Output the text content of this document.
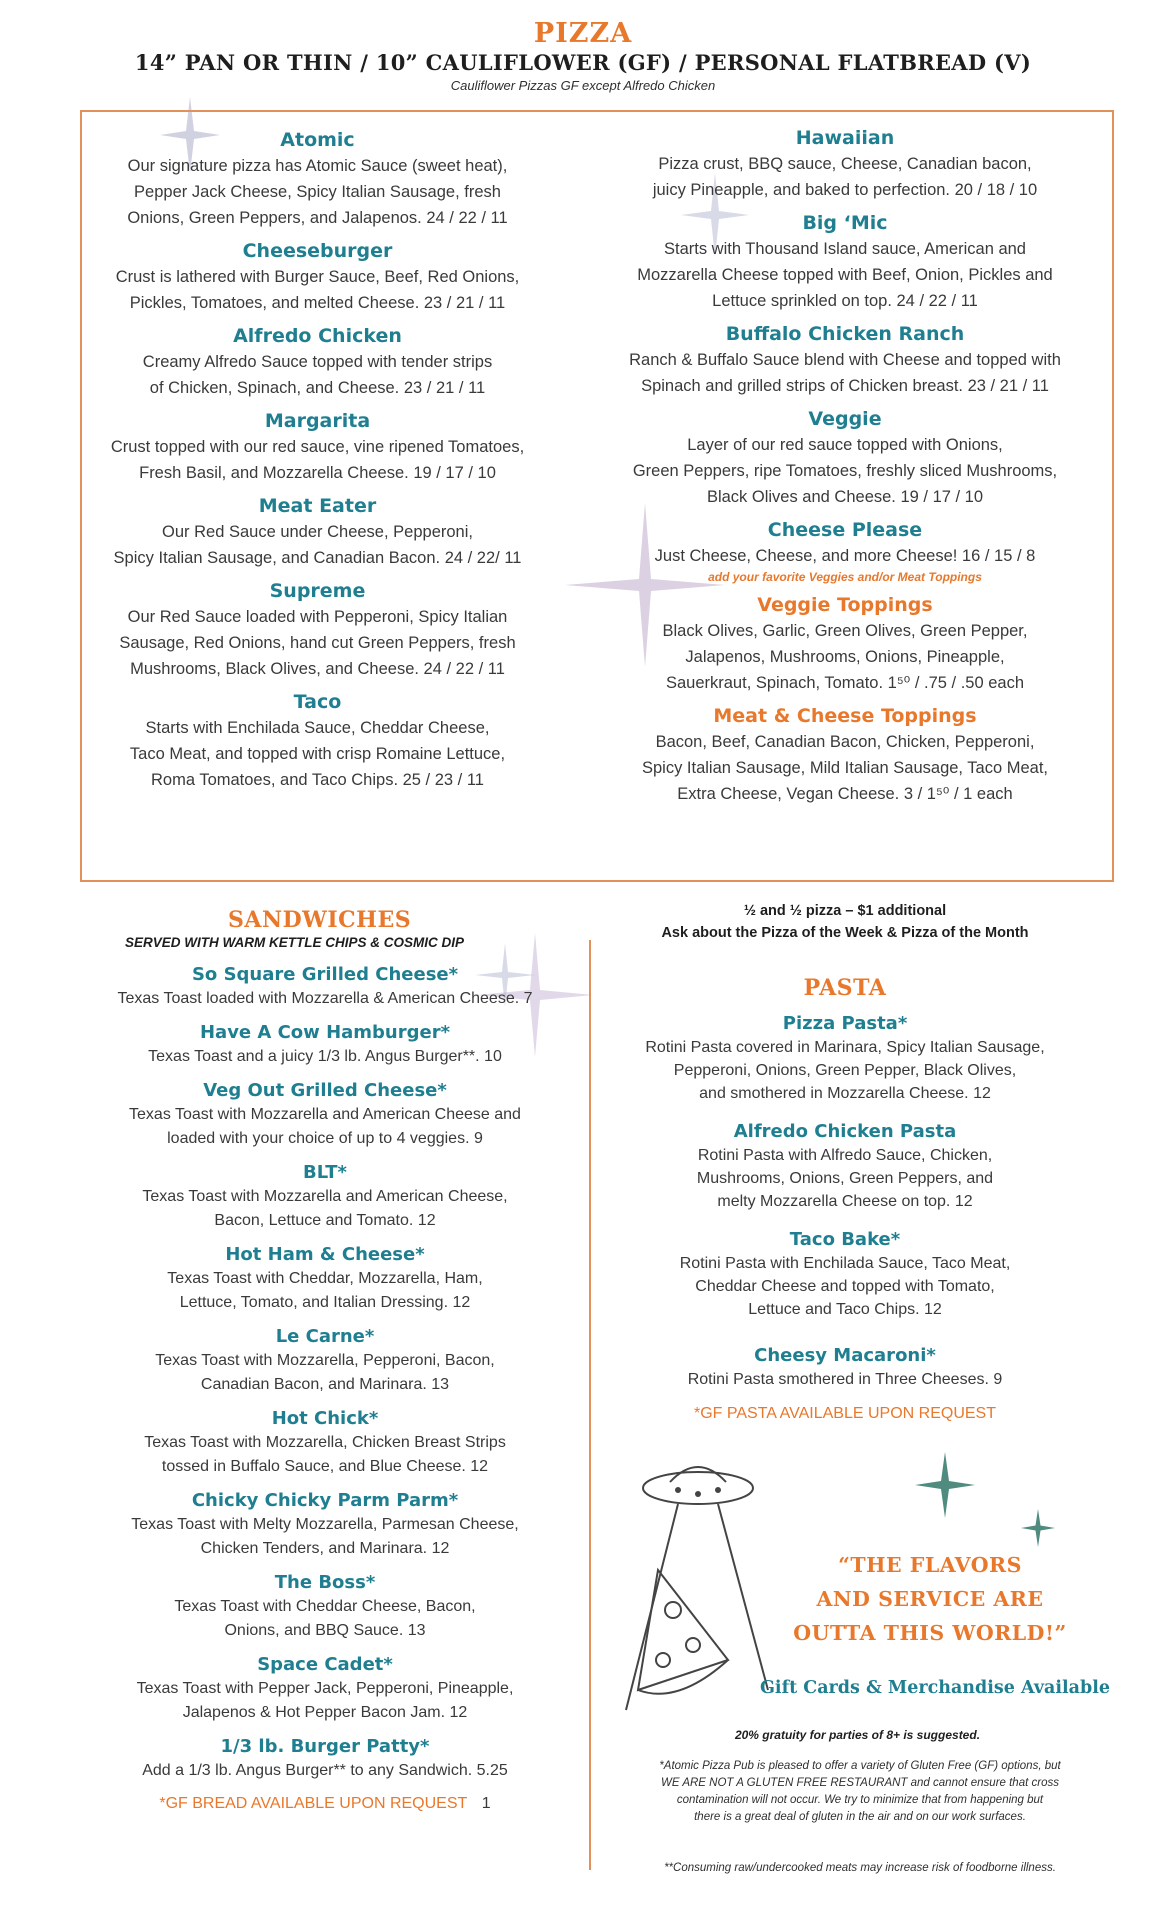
PIZZA
14” PAN OR THIN / 10” CAULIFLOWER (GF) / PERSONAL FLATBREAD (V)
Cauliflower Pizzas GF except Alfredo Chicken
Atomic
Our signature pizza has Atomic Sauce (sweet heat),
Pepper Jack Cheese, Spicy Italian Sausage, fresh
Onions, Green Peppers, and Jalapenos. 24 / 22 / 11
Cheeseburger
Crust is lathered with Burger Sauce, Beef, Red Onions,
Pickles, Tomatoes, and melted Cheese. 23 / 21 / 11
Alfredo Chicken
Creamy Alfredo Sauce topped with tender strips
of Chicken, Spinach, and Cheese. 23 / 21 / 11
Margarita
Crust topped with our red sauce, vine ripened Tomatoes,
Fresh Basil, and Mozzarella Cheese. 19 / 17 / 10
Meat Eater
Our Red Sauce under Cheese, Pepperoni,
Spicy Italian Sausage, and Canadian Bacon. 24 / 22/ 11
Supreme
Our Red Sauce loaded with Pepperoni, Spicy Italian
Sausage, Red Onions, hand cut Green Peppers, fresh
Mushrooms, Black Olives, and Cheese. 24 / 22 / 11
Taco
Starts with Enchilada Sauce, Cheddar Cheese,
Taco Meat, and topped with crisp Romaine Lettuce,
Roma Tomatoes, and Taco Chips. 25 / 23 / 11
Hawaiian
Pizza crust, BBQ sauce, Cheese, Canadian bacon,
juicy Pineapple, and baked to perfection. 20 / 18 / 10
Big ‘Mic
Starts with Thousand Island sauce, American and
Mozzarella Cheese topped with Beef, Onion, Pickles and
Lettuce sprinkled on top. 24 / 22 / 11
Buffalo Chicken Ranch
Ranch & Buffalo Sauce blend with Cheese and topped with
Spinach and grilled strips of Chicken breast. 23 / 21 / 11
Veggie
Layer of our red sauce topped with Onions,
Green Peppers, ripe Tomatoes, freshly sliced Mushrooms,
Black Olives and Cheese. 19 / 17 / 10
Cheese Please
Just Cheese, Cheese, and more Cheese! 16 / 15 / 8
add your favorite Veggies and/or Meat Toppings
Veggie Toppings
Black Olives, Garlic, Green Olives, Green Pepper,
Jalapenos, Mushrooms, Onions, Pineapple,
Sauerkraut, Spinach, Tomato. 1⁵⁰ / .75 / .50 each
Meat & Cheese Toppings
Bacon, Beef, Canadian Bacon, Chicken, Pepperoni,
Spicy Italian Sausage, Mild Italian Sausage, Taco Meat,
Extra Cheese, Vegan Cheese. 3 / 1⁵⁰ / 1 each
SANDWICHES
SERVED WITH WARM KETTLE CHIPS & COSMIC DIP
So Square Grilled Cheese*
Texas Toast loaded with Mozzarella & American Cheese. 7
Have A Cow Hamburger*
Texas Toast and a juicy 1/3 lb. Angus Burger**. 10
Veg Out Grilled Cheese*
Texas Toast with Mozzarella and American Cheese and
loaded with your choice of up to 4 veggies. 9
BLT*
Texas Toast with Mozzarella and American Cheese,
Bacon, Lettuce and Tomato. 12
Hot Ham & Cheese*
Texas Toast with Cheddar, Mozzarella, Ham,
Lettuce, Tomato, and Italian Dressing. 12
Le Carne*
Texas Toast with Mozzarella, Pepperoni, Bacon,
Canadian Bacon, and Marinara. 13
Hot Chick*
Texas Toast with Mozzarella, Chicken Breast Strips
tossed in Buffalo Sauce, and Blue Cheese. 12
Chicky Chicky Parm Parm*
Texas Toast with Melty Mozzarella, Parmesan Cheese,
Chicken Tenders, and Marinara. 12
The Boss*
Texas Toast with Cheddar Cheese, Bacon,
Onions, and BBQ Sauce. 13
Space Cadet*
Texas Toast with Pepper Jack, Pepperoni, Pineapple,
Jalapenos & Hot Pepper Bacon Jam. 12
1/3 lb. Burger Patty*
Add a 1/3 lb. Angus Burger** to any Sandwich. 5.25
*GF BREAD AVAILABLE UPON REQUEST 1
½ and ½ pizza – $1 additional
Ask about the Pizza of the Week & Pizza of the Month
PASTA
Pizza Pasta*
Rotini Pasta covered in Marinara, Spicy Italian Sausage,
Pepperoni, Onions, Green Pepper, Black Olives,
and smothered in Mozzarella Cheese. 12
Alfredo Chicken Pasta
Rotini Pasta with Alfredo Sauce, Chicken,
Mushrooms, Onions, Green Peppers, and
melty Mozzarella Cheese on top. 12
Taco Bake*
Rotini Pasta with Enchilada Sauce, Taco Meat,
Cheddar Cheese and topped with Tomato,
Lettuce and Taco Chips. 12
Cheesy Macaroni*
Rotini Pasta smothered in Three Cheeses. 9
*GF PASTA AVAILABLE UPON REQUEST
“THE FLAVORS
AND SERVICE ARE
OUTTA THIS WORLD!”
Gift Cards & Merchandise Available
20% gratuity for parties of 8+ is suggested.
*Atomic Pizza Pub is pleased to offer a variety of Gluten Free (GF) options, but
WE ARE NOT A GLUTEN FREE RESTAURANT and cannot ensure that cross
contamination will not occur. We try to minimize that from happening but
there is a great deal of gluten in the air and on our work surfaces.
**Consuming raw/undercooked meats may increase risk of foodborne illness.
